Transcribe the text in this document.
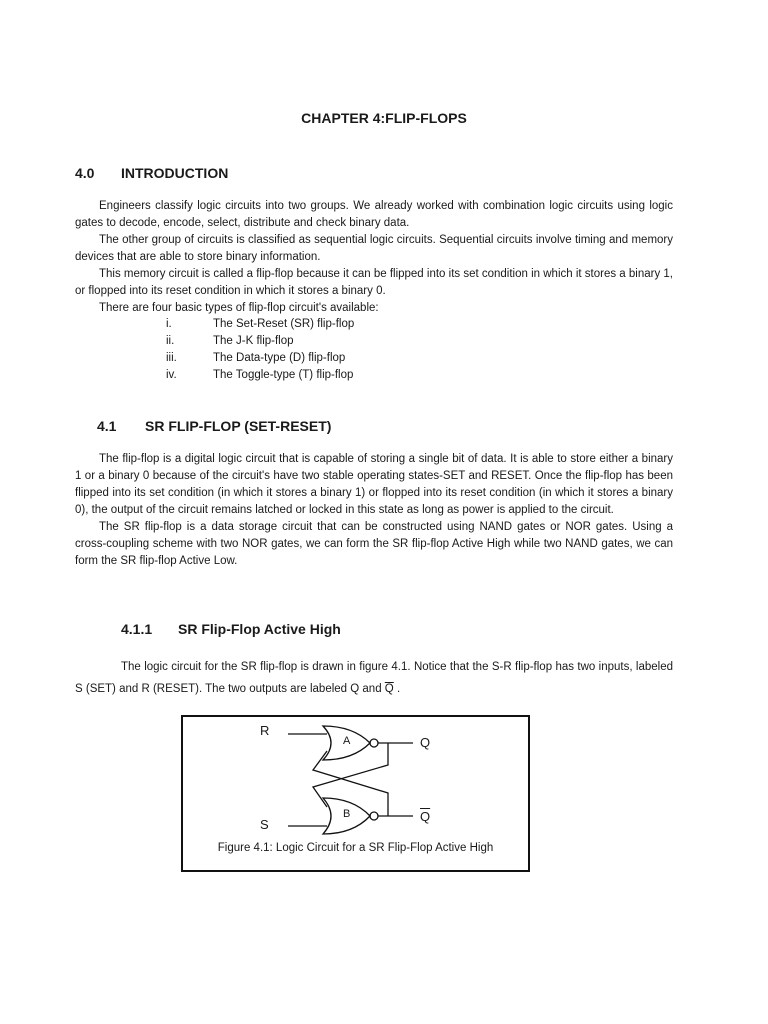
CHAPTER 4:FLIP-FLOPS
4.0 INTRODUCTION

Engineers classify logic circuits into two groups. We already worked with combination logic circuits using logic gates to decode, encode, select, distribute and check binary data.

The other group of circuits is classified as sequential logic circuits. Sequential circuits involve timing and memory devices that are able to store binary information.

This memory circuit is called a flip-flop because it can be flipped into its set condition in which it stores a binary 1, or flopped into its reset condition in which it stores a binary 0.

There are four basic types of flip-flop circuit's available:

i.	The Set-Reset (SR) flip-flop
ii.	The J-K flip-flop
iii.	The Data-type (D) flip-flop
iv.	The Toggle-type (T) flip-flop
4.1 SR FLIP-FLOP (SET-RESET)

The flip-flop is a digital logic circuit that is capable of storing a single bit of data. It is able to store either a binary 1 or a binary 0 because of the circuit's have two stable operating states-SET and RESET. Once the flip-flop has been flipped into its set condition (in which it stores a binary 1) or flopped into its reset condition (in which it stores a binary 0), the output of the circuit remains latched or locked in this state as long as power is applied to the circuit.

The SR flip-flop is a data storage circuit that can be constructed using NAND gates or NOR gates. Using a cross-coupling scheme with two NOR gates, we can form the SR flip-flop Active High while two NAND gates, we can form the SR flip-flop Active Low.

4.1.1 SR Flip-Flop Active High

The logic circuit for the SR flip-flop is drawn in figure 4.1. Notice that the S-R flip-flop has two inputs, labeled S (SET) and R (RESET). The two outputs are labeled Q and $\overline{Q}$ .

R
S
Q
$\overline{Q}$
A
B
Figure 4.1: Logic Circuit for a SR Flip-Flop Active High
